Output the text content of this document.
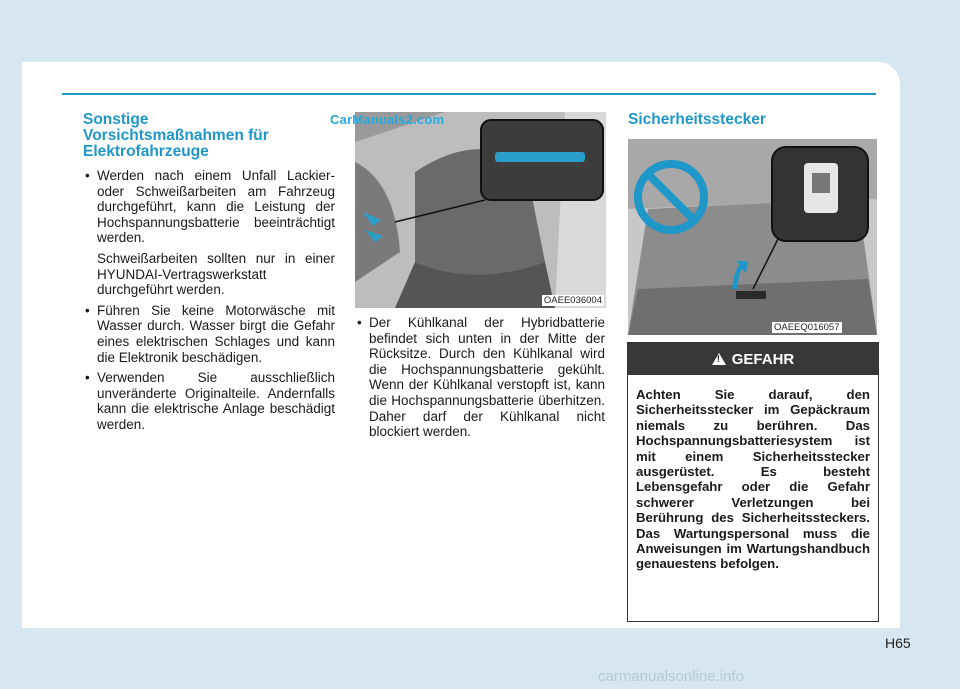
Sonstige
Vorsichtsmaßnahmen für
Elektrofahrzeuge
• Werden nach einem Unfall Lackier- oder Schweißarbeiten am Fahrzeug durchgeführt, kann die Leistung der Hochspannungsbatterie beeinträchtigt werden.

Schweißarbeiten sollten nur in einer HYUNDAI-Vertragswerkstatt durchgeführt werden.

• Führen Sie keine Motorwäsche mit Wasser durch. Wasser birgt die Gefahr eines elektrischen Schlages und kann die Elektronik beschädigen.
• Verwenden Sie ausschließlich unveränderte Originalteile. Andernfalls kann die elektrische Anlage beschädigt werden.
OAEE036004
CarManuals2.com
• Der Kühlkanal der Hybridbatterie befindet sich unten in der Mitte der Rücksitze. Durch den Kühlkanal wird die Hochspannungsbatterie gekühlt. Wenn der Kühlkanal verstopft ist, kann die Hochspannungsbatterie überhitzen. Daher darf der Kühlkanal nicht blockiert werden.
Sicherheitsstecker
OAEEQ016057
! GEFAHR
Achten Sie darauf, den Sicherheitsstecker im Gepäckraum niemals zu berühren. Das Hochspannungsbatteriesystem ist mit einem Sicherheitsstecker ausgerüstet. Es besteht Lebensgefahr oder die Gefahr schwerer Verletzungen bei Berührung des Sicherheitssteckers. Das Wartungspersonal muss die Anweisungen im Wartungshandbuch genauestens befolgen.
H65
carmanualsonline.info
